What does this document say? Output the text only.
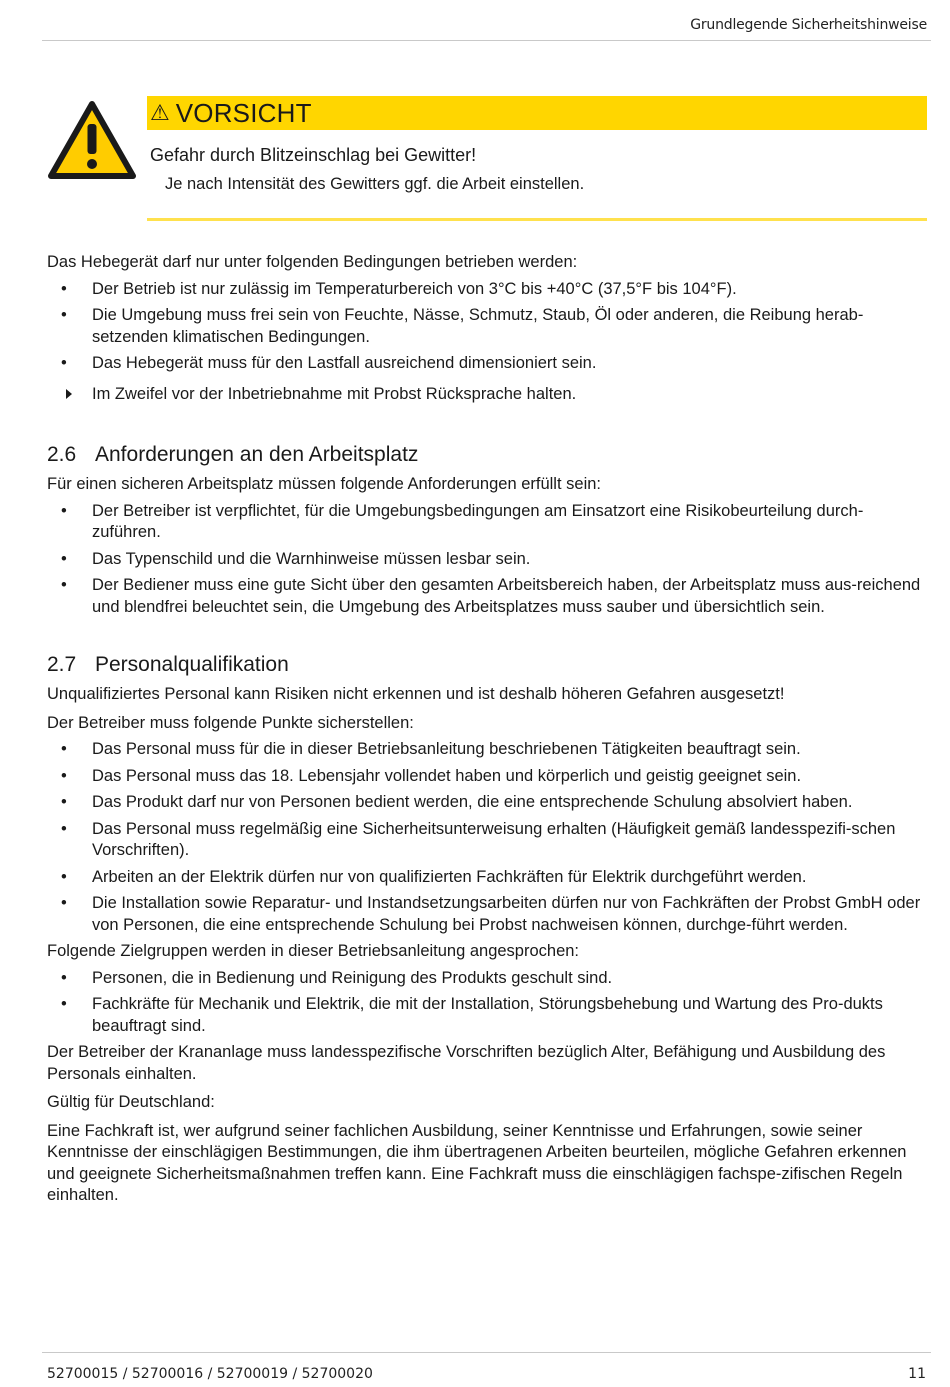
Grundlegende Sicherheitshinweise
⚠ VORSICHT
Gefahr durch Blitzeinschlag bei Gewitter!
Je nach Intensität des Gewitters ggf. die Arbeit einstellen.

Das Hebegerät darf nur unter folgenden Bedingungen betrieben werden:

• Der Betrieb ist nur zulässig im Temperaturbereich von 3°C bis +40°C (37,5°F bis 104°F).
• Die Umgebung muss frei sein von Feuchte, Nässe, Schmutz, Staub, Öl oder anderen, die Reibung herab-setzenden klimatischen Bedingungen.
• Das Hebegerät muss für den Lastfall ausreichend dimensioniert sein.

Im Zweifel vor der Inbetriebnahme mit Probst Rücksprache halten.

2.6 Anforderungen an den Arbeitsplatz

Für einen sicheren Arbeitsplatz müssen folgende Anforderungen erfüllt sein:

• Der Betreiber ist verpflichtet, für die Umgebungsbedingungen am Einsatzort eine Risikobeurteilung durch-zuführen.
• Das Typenschild und die Warnhinweise müssen lesbar sein.
• Der Bediener muss eine gute Sicht über den gesamten Arbeitsbereich haben, der Arbeitsplatz muss aus-reichend und blendfrei beleuchtet sein, die Umgebung des Arbeitsplatzes muss sauber und übersichtlich sein.
2.7 Personalqualifikation

Unqualifiziertes Personal kann Risiken nicht erkennen und ist deshalb höheren Gefahren ausgesetzt!

Der Betreiber muss folgende Punkte sicherstellen:

• Das Personal muss für die in dieser Betriebsanleitung beschriebenen Tätigkeiten beauftragt sein.
• Das Personal muss das 18. Lebensjahr vollendet haben und körperlich und geistig geeignet sein.
• Das Produkt darf nur von Personen bedient werden, die eine entsprechende Schulung absolviert haben.
• Das Personal muss regelmäßig eine Sicherheitsunterweisung erhalten (Häufigkeit gemäß landesspezifi-schen Vorschriften).
• Arbeiten an der Elektrik dürfen nur von qualifizierten Fachkräften für Elektrik durchgeführt werden.
• Die Installation sowie Reparatur- und Instandsetzungsarbeiten dürfen nur von Fachkräften der Probst GmbH oder von Personen, die eine entsprechende Schulung bei Probst nachweisen können, durchge-führt werden.

Folgende Zielgruppen werden in dieser Betriebsanleitung angesprochen:

• Personen, die in Bedienung und Reinigung des Produkts geschult sind.
• Fachkräfte für Mechanik und Elektrik, die mit der Installation, Störungsbehebung und Wartung des Pro-dukts beauftragt sind.

Der Betreiber der Krananlage muss landesspezifische Vorschriften bezüglich Alter, Befähigung und Ausbildung des Personals einhalten.

Gültig für Deutschland:

Eine Fachkraft ist, wer aufgrund seiner fachlichen Ausbildung, seiner Kenntnisse und Erfahrungen, sowie seiner Kenntnisse der einschlägigen Bestimmungen, die ihm übertragenen Arbeiten beurteilen, mögliche Gefahren erkennen und geeignete Sicherheitsmaßnahmen treffen kann. Eine Fachkraft muss die einschlägigen fachspe-zifischen Regeln einhalten.

52700015 / 52700016 / 52700019 / 52700020	11
